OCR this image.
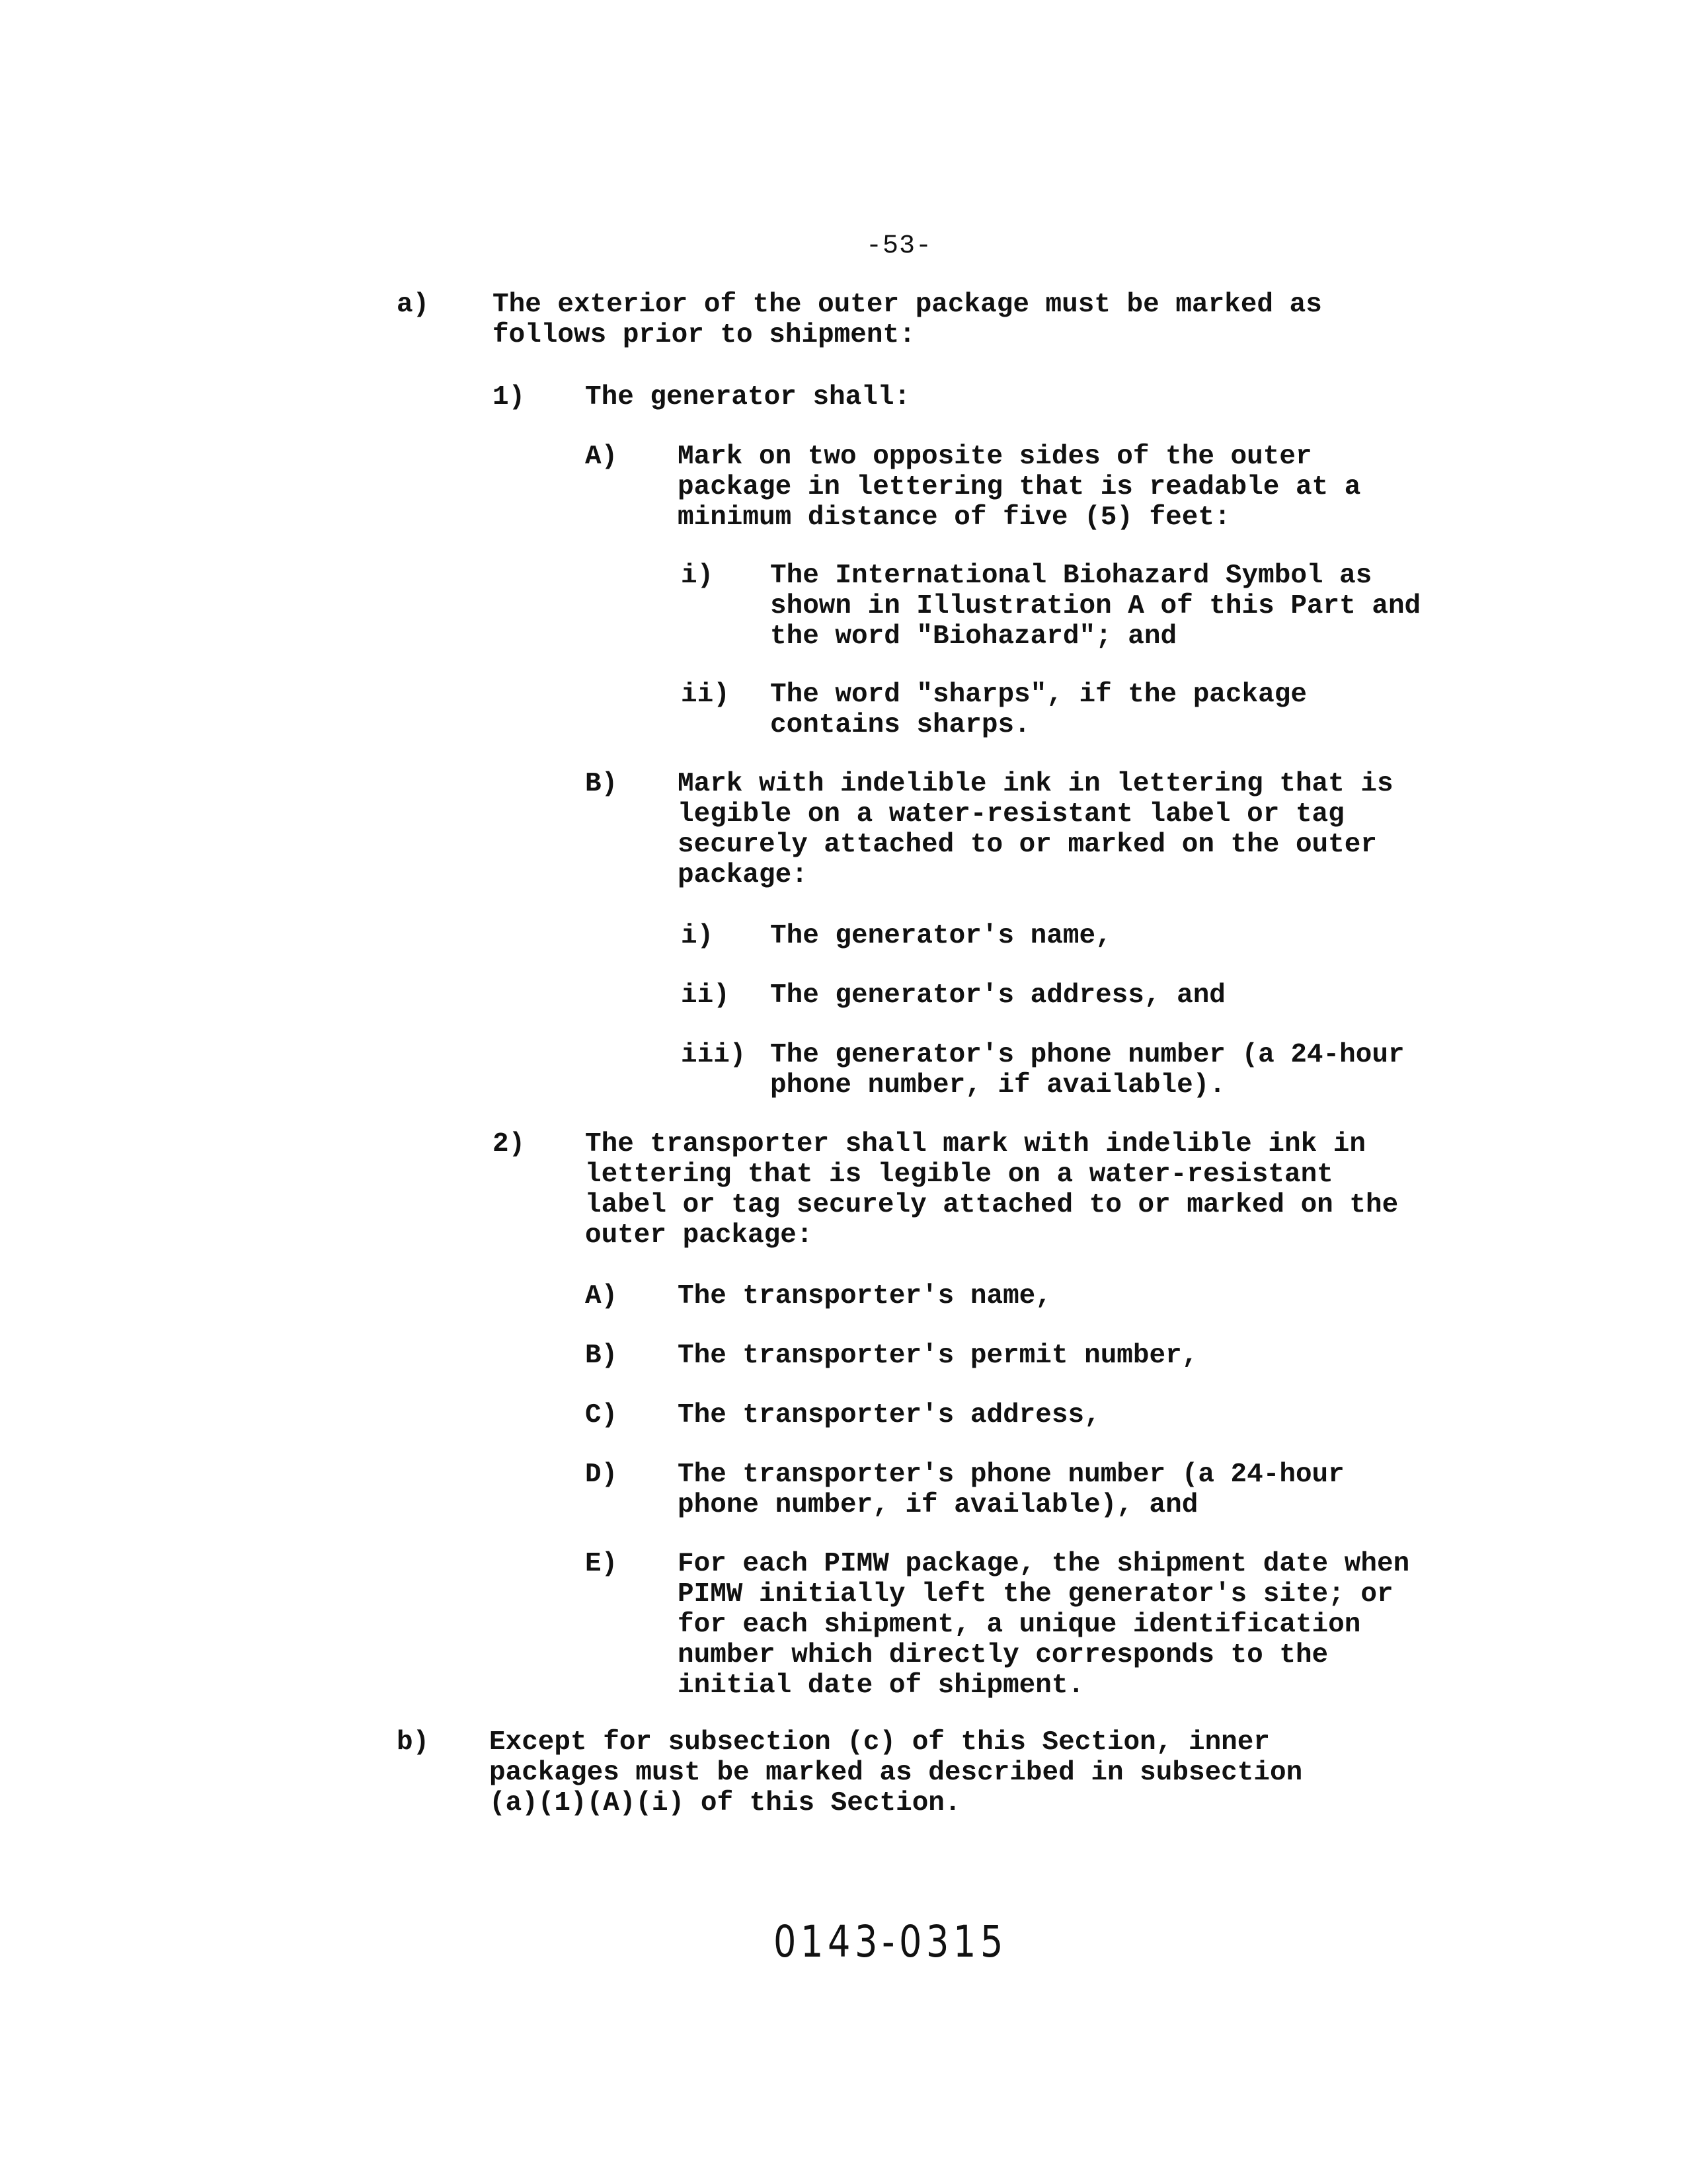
-53-
a) The exterior of the outer package must be marked as
follows prior to shipment:
1) The generator shall:
A) Mark on two opposite sides of the outer
package in lettering that is readable at a
minimum distance of five (5) feet:
i) The International Biohazard Symbol as
shown in Illustration A of this Part and
the word "Biohazard"; and
ii) The word "sharps", if the package
contains sharps.
B) Mark with indelible ink in lettering that is
legible on a water-resistant label or tag
securely attached to or marked on the outer
package:
i) The generator's name,
ii) The generator's address, and
iii) The generator's phone number (a 24-hour
phone number, if available).
2) The transporter shall mark with indelible ink in
lettering that is legible on a water-resistant
label or tag securely attached to or marked on the
outer package:
A) The transporter's name,
B) The transporter's permit number,
C) The transporter's address,
D) The transporter's phone number (a 24-hour
phone number, if available), and
E) For each PIMW package, the shipment date when
PIMW initially left the generator's site; or
for each shipment, a unique identification
number which directly corresponds to the
initial date of shipment.
b) Except for subsection (c) of this Section, inner
packages must be marked as described in subsection
(a)(1)(A)(i) of this Section.
0143-0315
